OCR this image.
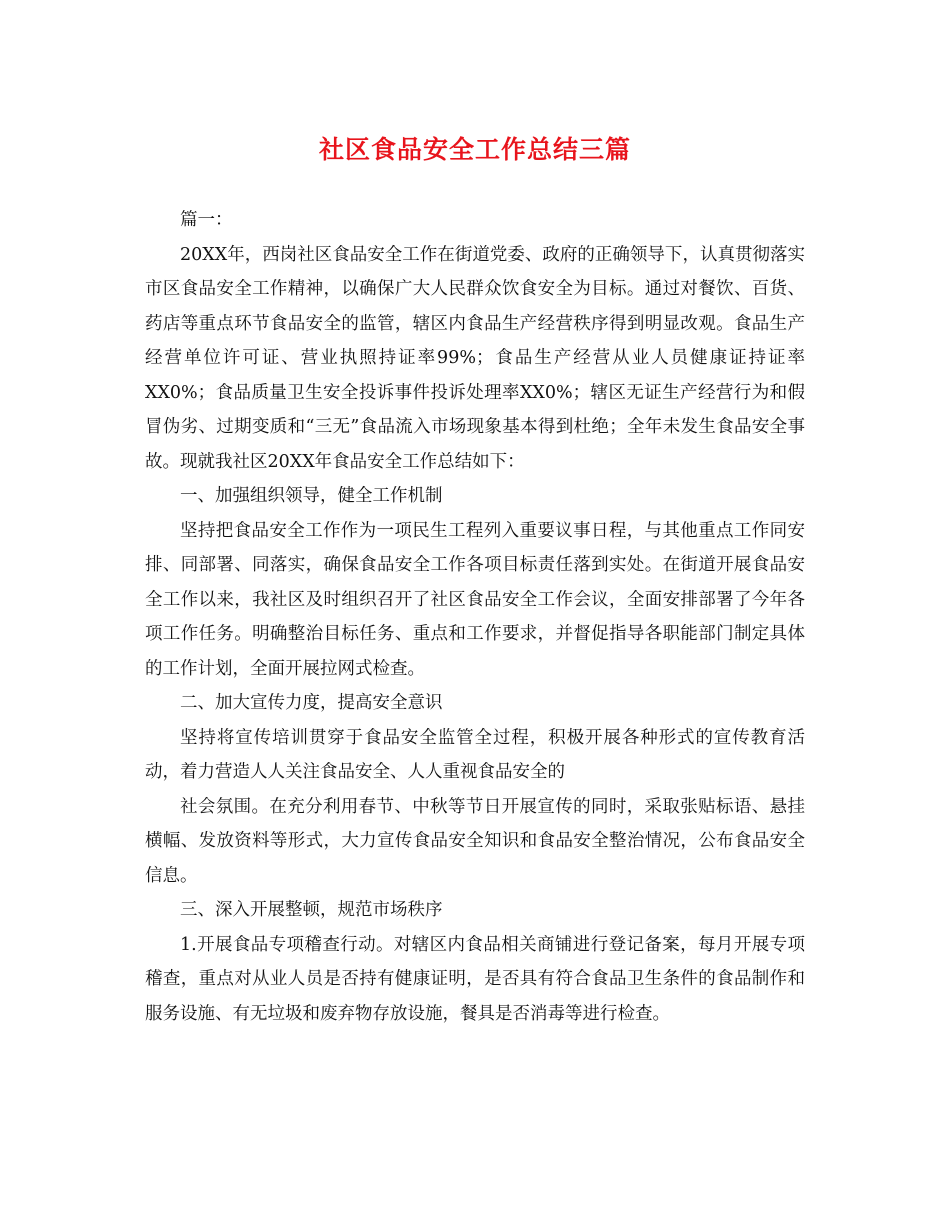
社区食品安全工作总结三篇

篇一：

20XX年，西岗社区食品安全工作在街道党委、政府的正确领导下，认真贯彻落实市区食品安全工作精神，以确保广大人民群众饮食安全为目标。通过对餐饮、百货、药店等重点环节食品安全的监管，辖区内食品生产经营秩序得到明显改观。食品生产经营单位许可证、营业执照持证率99%；食品生产经营从业人员健康证持证率XX0%；食品质量卫生安全投诉事件投诉处理率XX0%；辖区无证生产经营行为和假冒伪劣、过期变质和“三无”食品流入市场现象基本得到杜绝；全年未发生食品安全事故。现就我社区20XX年食品安全工作总结如下：

一、加强组织领导，健全工作机制

坚持把食品安全工作作为一项民生工程列入重要议事日程，与其他重点工作同安排、同部署、同落实，确保食品安全工作各项目标责任落到实处。在街道开展食品安全工作以来，我社区及时组织召开了社区食品安全工作会议，全面安排部署了今年各项工作任务。明确整治目标任务、重点和工作要求，并督促指导各职能部门制定具体的工作计划，全面开展拉网式检查。

二、加大宣传力度，提高安全意识

坚持将宣传培训贯穿于食品安全监管全过程，积极开展各种形式的宣传教育活动，着力营造人人关注食品安全、人人重视食品安全的

社会氛围。在充分利用春节、中秋等节日开展宣传的同时，采取张贴标语、悬挂横幅、发放资料等形式，大力宣传食品安全知识和食品安全整治情况，公布食品安全信息。

三、深入开展整顿，规范市场秩序

1.开展食品专项稽查行动。对辖区内食品相关商铺进行登记备案，每月开展专项稽查，重点对从业人员是否持有健康证明，是否具有符合食品卫生条件的食品制作和服务设施、有无垃圾和废弃物存放设施，餐具是否消毒等进行检查。
